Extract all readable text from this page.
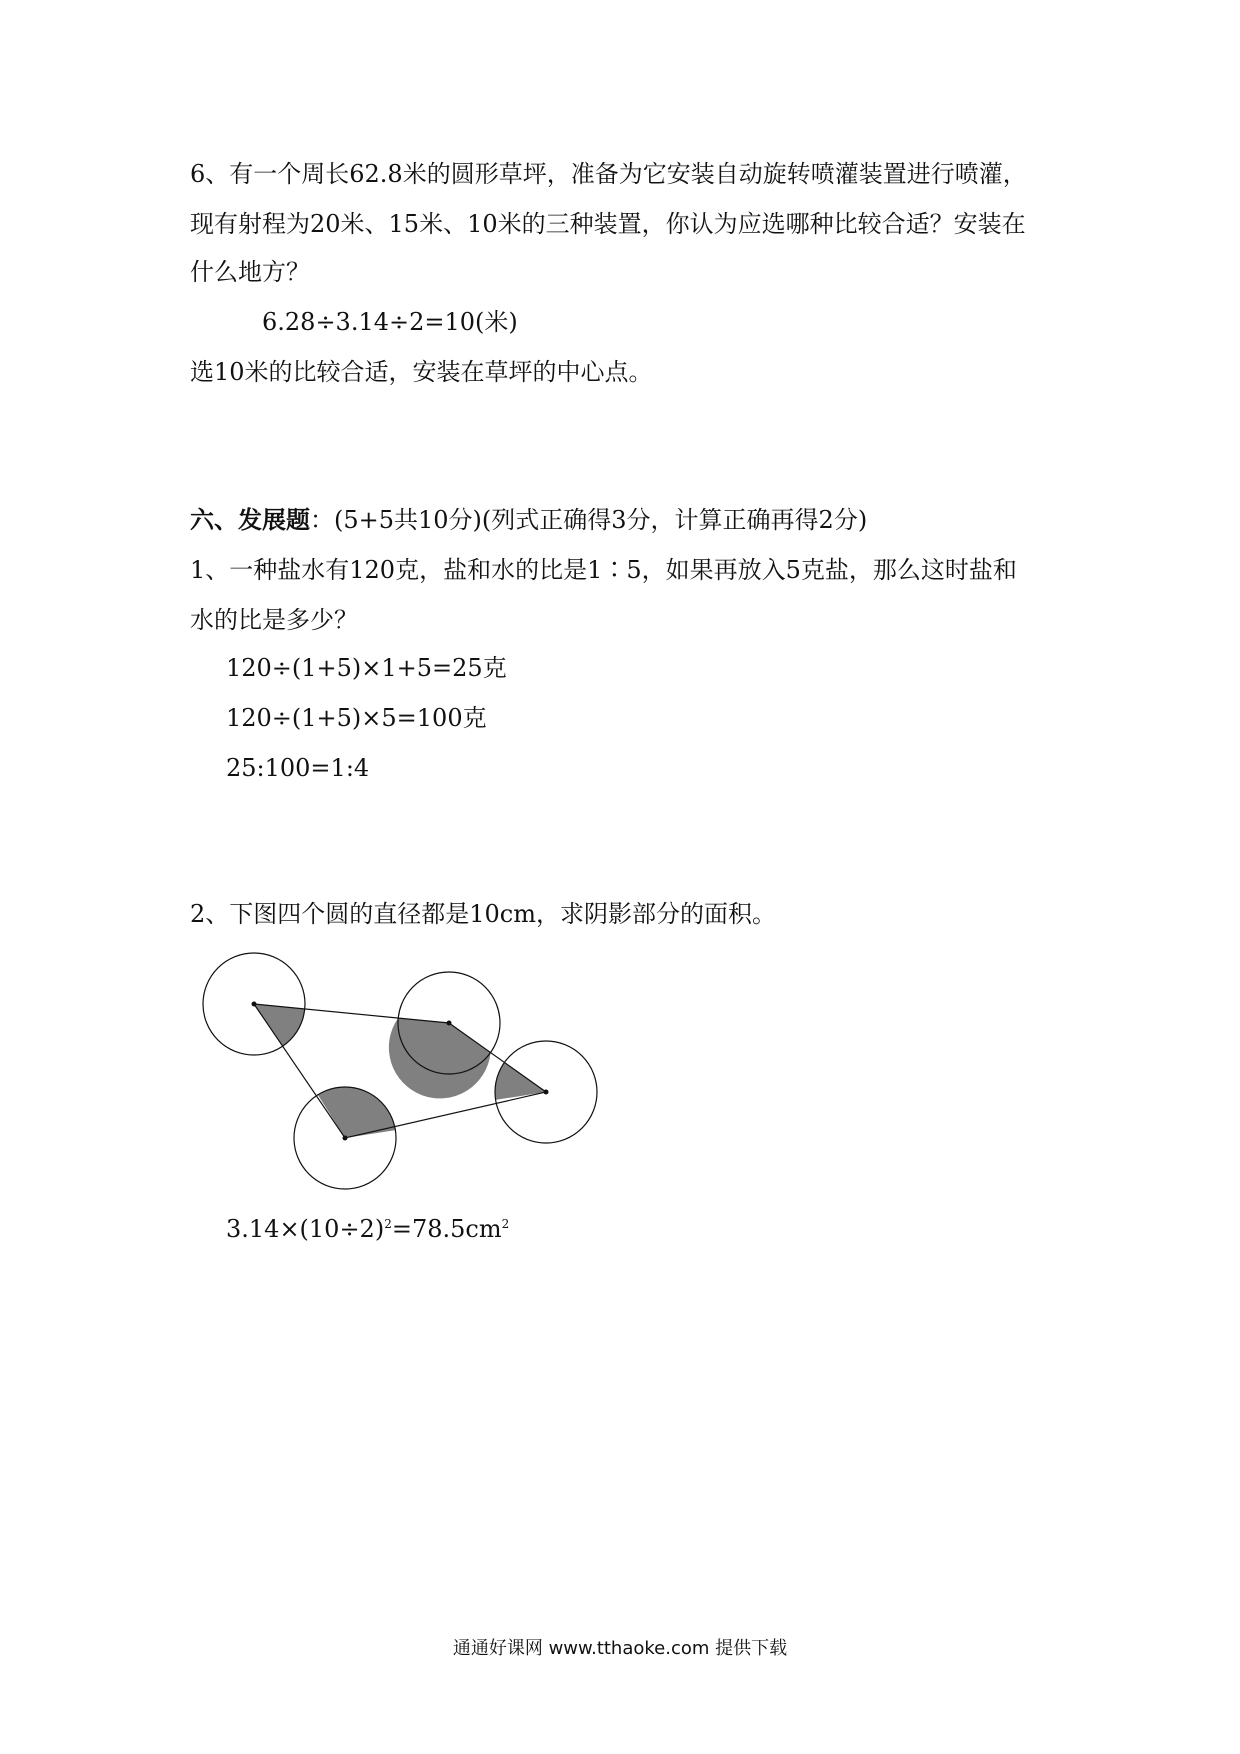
6、有一个周长62.8米的圆形草坪，准备为它安装自动旋转喷灌装置进行喷灌，
现有射程为20米、15米、10米的三种装置，你认为应选哪种比较合适？安装在
什么地方？
6.28÷3.14÷2=10(米)
选10米的比较合适，安装在草坪的中心点。
六、发展题：(5+5共10分)(列式正确得3分，计算正确再得2分)
1、一种盐水有120克，盐和水的比是1∶5，如果再放入5克盐，那么这时盐和
水的比是多少？
120÷(1+5)×1+5=25克
120÷(1+5)×5=100克
25:100=1:4
2、下图四个圆的直径都是10cm，求阴影部分的面积。
$3.14\times(10\div 2)^2=78.5cm^2$
通通好课网 www.tthaoke.com 提供下载
